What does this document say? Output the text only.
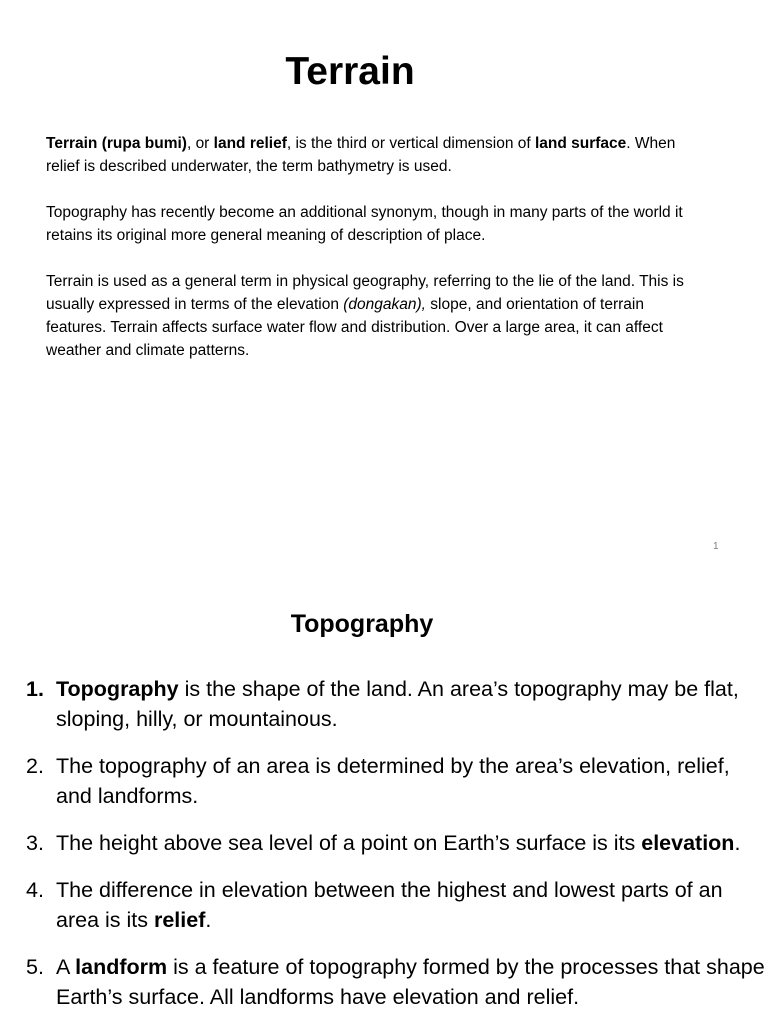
Terrain

Terrain (rupa bumi), or land relief, is the third or vertical dimension of land surface. When relief is described underwater, the term bathymetry is used.

Topography has recently become an additional synonym, though in many parts of the world it retains its original more general meaning of description of place.

Terrain is used as a general term in physical geography, referring to the lie of the land. This is usually expressed in terms of the elevation (dongakan), slope, and orientation of terrain features. Terrain affects surface water flow and distribution. Over a large area, it can affect weather and climate patterns.

1
Topography
1. Topography is the shape of the land. An area’s topography may be flat, sloping, hilly, or mountainous.
2. The topography of an area is determined by the area’s elevation, relief, and landforms.
3. The height above sea level of a point on Earth’s surface is its elevation.
4. The difference in elevation between the highest and lowest parts of an area is its relief.
5. A landform is a feature of topography formed by the processes that shape Earth’s surface. All landforms have elevation and relief.
